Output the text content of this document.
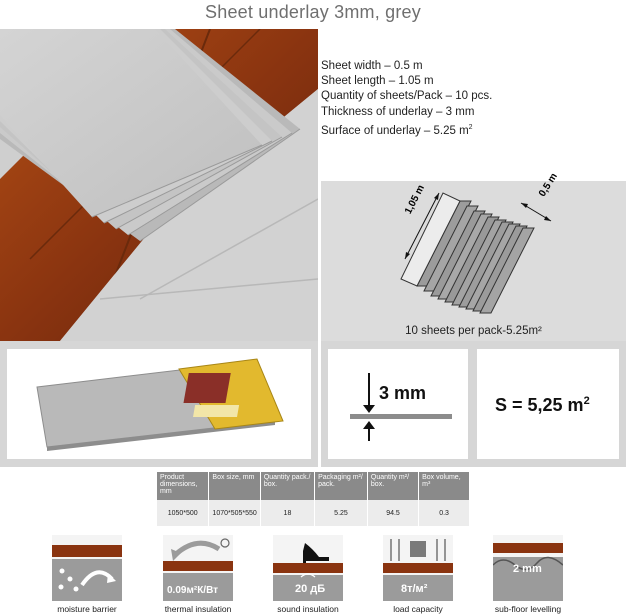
Sheet underlay 3mm, grey
Sheet width – 0.5 m
Sheet length – 1.05 m
Quantity of sheets/Pack – 10 pcs.
Thickness of underlay – 3 mm
Surface of underlay – 5.25 $m^2$
1,05 m	0,5 m
10 sheets per pack-5.25m²
3 mm
S = 5,25 $m^2$
Product dimensions, mm	Box size, mm	Quantity pack./ box.	Packaging m²/ pack.	Quantity m²/ box.	Box volume, m³
1050*500	1070*505*550	18	5.25	94.5	0.3
0.09м²К/Вт	20 дБ	8т/м²
2 mm
moisture barrier	thermal insulation	sound insulation	load capacity	sub-floor levelling
